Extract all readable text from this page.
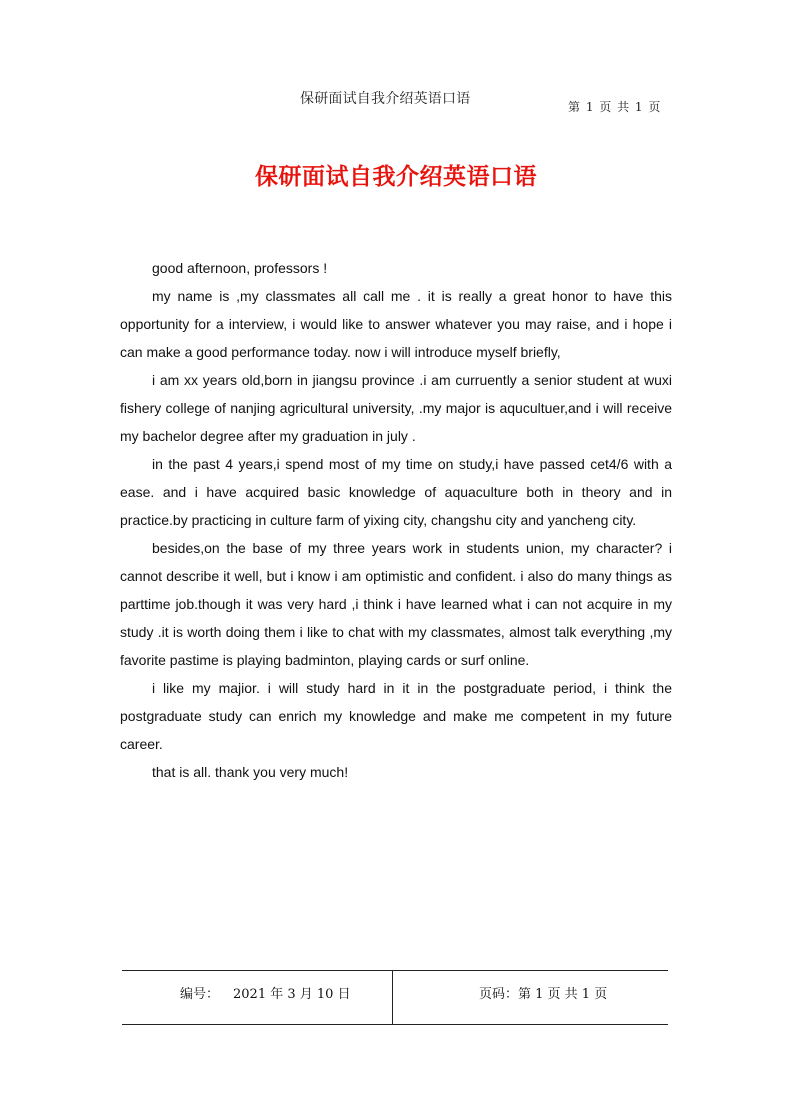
保研面试自我介绍英语口语	第 1 页 共 1 页
保研面试自我介绍英语口语

good afternoon, professors !

my name is ,my classmates all call me . it is really a great honor to have this opportunity for a interview, i would like to answer whatever you may raise, and i hope i can make a good performance today. now i will introduce myself briefly,

i am xx years old,born in jiangsu province .i am curruently a senior student at wuxi fishery college of nanjing agricultural university, .my major is aqucultuer,and i will receive my bachelor degree after my graduation in july .

in the past 4 years,i spend most of my time on study,i have passed cet4/6 with a ease. and i have acquired basic knowledge of aquaculture both in theory and in practice.by practicing in culture farm of yixing city, changshu city and yancheng city.

besides,on the base of my three years work in students union, my character? i cannot describe it well, but i know i am optimistic and confident. i also do many things as parttime job.though it was very hard ,i think i have learned what i can not acquire in my study .it is worth doing them i like to chat with my classmates, almost talk everything ,my favorite pastime is playing badminton, playing cards or surf online.

i like my majior. i will study hard in it in the postgraduate period, i think the postgraduate study can enrich my knowledge and make me competent in my future career.

that is all. thank you very much!

编号： 2021 年 3 月 10 日	页码：第 1 页 共 1 页
